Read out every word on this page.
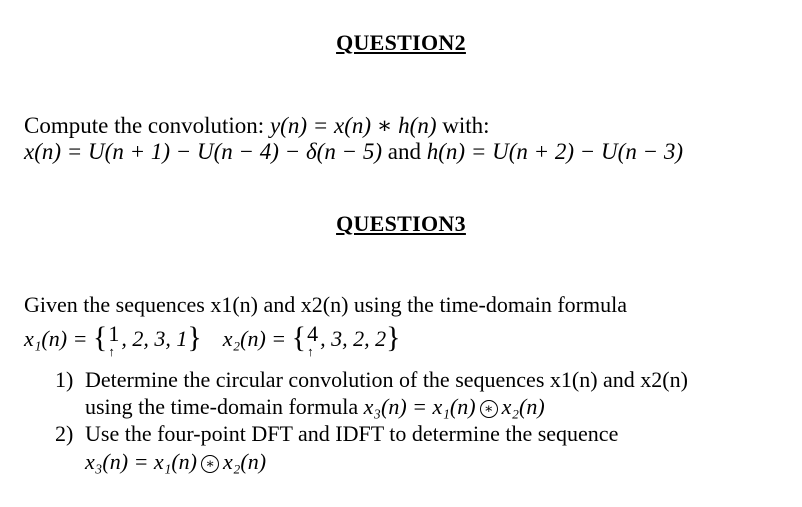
QUESTION2
Compute the convolution: y(n) = x(n) ∗ h(n) with:
x(n) = U(n + 1) − U(n − 4) − δ(n − 5) and h(n) = U(n + 2) − U(n − 3)
QUESTION3
Given the sequences x1(n) and x2(n) using the time-domain formula
x₁(n) = { 1
↑
, 2, 3, 1} x₂(n) = { 4
↑
, 3, 2, 2}
1) Determine the circular convolution of the sequences x1(n) and x2(n)
using the time-domain formula x₃(n) = x₁(n) ∗ x₂(n)
2) Use the four-point DFT and IDFT to determine the sequence
x₃(n) = x₁(n) ∗ x₂(n)
